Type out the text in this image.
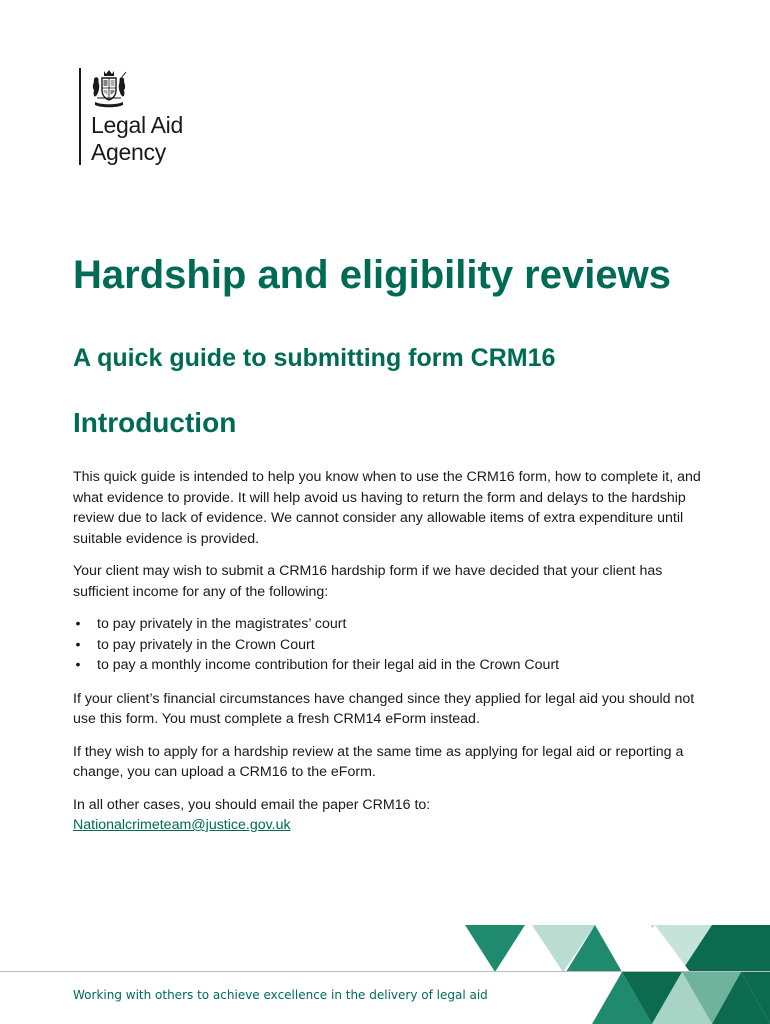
Legal Aid
Agency
Hardship and eligibility reviews
A quick guide to submitting form CRM16
Introduction

This quick guide is intended to help you know when to use the CRM16 form, how to complete it, and what evidence to provide. It will help avoid us having to return the form and delays to the hardship review due to lack of evidence. We cannot consider any allowable items of extra expenditure until suitable evidence is provided.

Your client may wish to submit a CRM16 hardship form if we have decided that your client has sufficient income for any of the following:

• to pay privately in the magistrates’ court
• to pay privately in the Crown Court
• to pay a monthly income contribution for their legal aid in the Crown Court

If your client’s financial circumstances have changed since they applied for legal aid you should not use this form. You must complete a fresh CRM14 eForm instead.

If they wish to apply for a hardship review at the same time as applying for legal aid or reporting a change, you can upload a CRM16 to the eForm.

In all other cases, you should email the paper CRM16 to:
Nationalcrimeteam@justice.gov.uk

Working with others to achieve excellence in the delivery of legal aid
